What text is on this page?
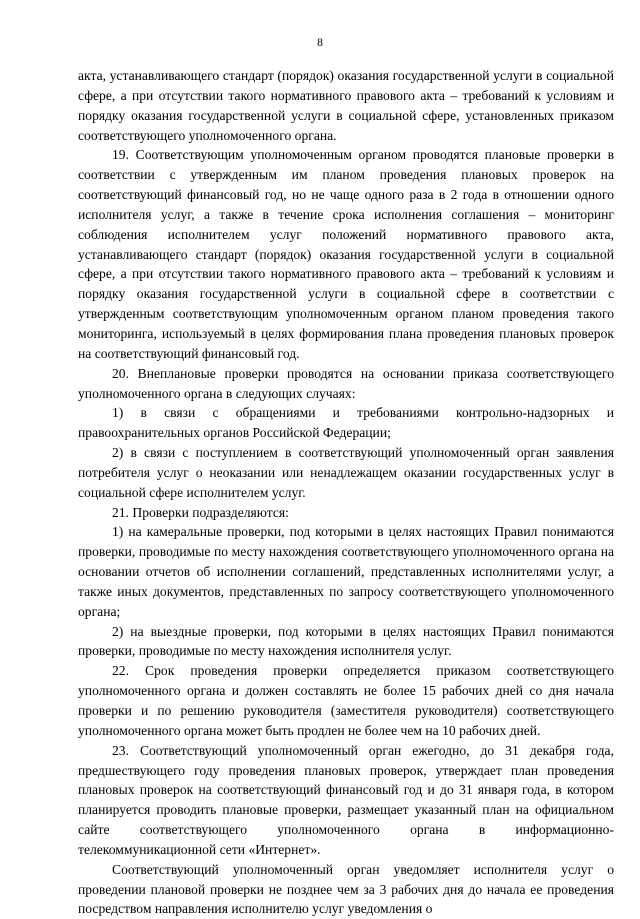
8

акта, устанавливающего стандарт (порядок) оказания государственной услуги в социальной сфере, а при отсутствии такого нормативного правового акта – требований к условиям и порядку оказания государственной услуги в социальной сфере, установленных приказом соответствующего уполномоченного органа.

19. Соответствующим уполномоченным органом проводятся плановые проверки в соответствии с утвержденным им планом проведения плановых проверок на соответствующий финансовый год, но не чаще одного раза в 2 года в отношении одного исполнителя услуг, а также в течение срока исполнения соглашения – мониторинг соблюдения исполнителем услуг положений нормативного правового акта, устанавливающего стандарт (порядок) оказания государственной услуги в социальной сфере, а при отсутствии такого нормативного правового акта – требований к условиям и порядку оказания государственной услуги в социальной сфере в соответствии с утвержденным соответствующим уполномоченным органом планом проведения такого мониторинга, используемый в целях формирования плана проведения плановых проверок на соответствующий финансовый год.

20. Внеплановые проверки проводятся на основании приказа соответствующего уполномоченного органа в следующих случаях:

1) в связи с обращениями и требованиями контрольно-надзорных и правоохранительных органов Российской Федерации;

2) в связи с поступлением в соответствующий уполномоченный орган заявления потребителя услуг о неоказании или ненадлежащем оказании государственных услуг в социальной сфере исполнителем услуг.

21. Проверки подразделяются:

1) на камеральные проверки, под которыми в целях настоящих Правил понимаются проверки, проводимые по месту нахождения соответствующего уполномоченного органа на основании отчетов об исполнении соглашений, представленных исполнителями услуг, а также иных документов, представленных по запросу соответствующего уполномоченного органа;

2) на выездные проверки, под которыми в целях настоящих Правил понимаются проверки, проводимые по месту нахождения исполнителя услуг.

22. Срок проведения проверки определяется приказом соответствующего уполномоченного органа и должен составлять не более 15 рабочих дней со дня начала проверки и по решению руководителя (заместителя руководителя) соответствующего уполномоченного органа может быть продлен не более чем на 10 рабочих дней.

23. Соответствующий уполномоченный орган ежегодно, до 31 декабря года, предшествующего году проведения плановых проверок, утверждает план проведения плановых проверок на соответствующий финансовый год и до 31 января года, в котором планируется проводить плановые проверки, размещает указанный план на официальном сайте соответствующего уполномоченного органа в информационно-телекоммуникационной сети «Интернет».

Соответствующий уполномоченный орган уведомляет исполнителя услуг о проведении плановой проверки не позднее чем за 3 рабочих дня до начала ее проведения посредством направления исполнителю услуг уведомления о
